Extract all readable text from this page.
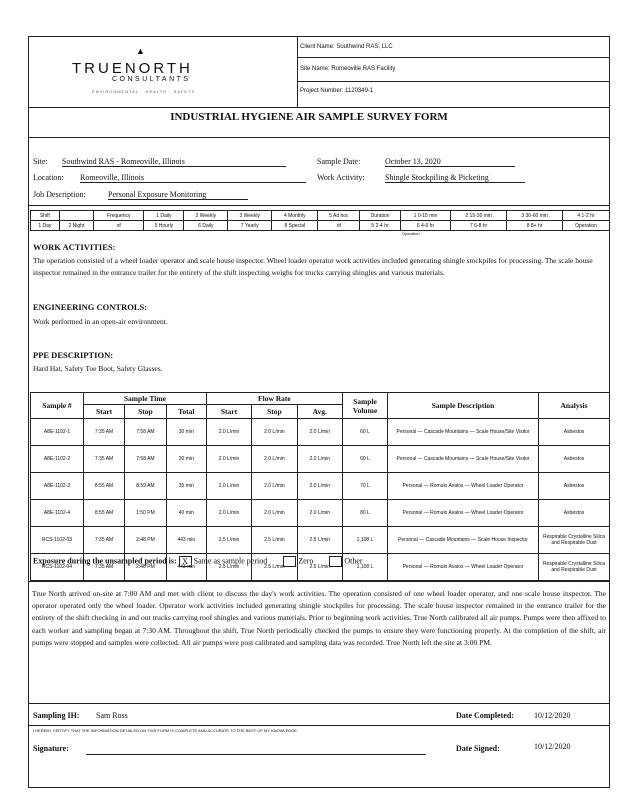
▲
TRUENORTH
CONSULTANTS
ENVIRONMENTAL · HEALTH · SAFETY
Client Name: Southwind RAS, LLC
Site Name: Romeoville RAS Facility
Project Number: 1120349-1
INDUSTRIAL HYGIENE AIR SAMPLE SURVEY FORM
Site: Southwind RAS - Romeoville, Illinois	Sample Date:	October 13, 2020
Location: Romeoville, Illinois	Work Activity:	Shingle Stockpiling & Picketing
Job Description:	Personal Exposure Monitoring
Shift		Frequency	1 Daily	2 Weekly	3 Weekly	4 Monthly	5 Ad hoc	Duration	1 0-15 min	2 15-30 min	3 30-60 min	4 1-2 hr
1 Day	2 Night	of	5 Hourly	6 Daily	7 Yearly	8 Special	of	5 2-4 hr	6 4-6 hr	7 6-8 hr	8 8+ hr	Operation
Operation
WORK ACTIVITIES:
The operation consisted of a wheel loader operator and scale house inspector. Wheel loader operator work activities included generating shingle stockpiles for processing. The scale house inspector remained in the entrance trailer for the entirety of the shift inspecting weighs for trucks carrying shingles and various materials.
ENGINEERING CONTROLS:
Work performed in an open-air environment.
PPE DESCRIPTION:
Hard Hat, Safety Toe Boot, Safety Glasses.
Sample #	Sample Time			Flow Rate			Sample Volume	Sample Description	Analysis
	Start	Stop	Total	Start	Stop	Avg.			
A8E-1102-1	7:35 AM	7:58 AM	30 min	2.0 L/min	2.0 L/min	2.0 L/min	60 L	Personal — Cascade Mountains — Scale House/Site Visitor	Asbestos
A8E-1102-2	7:35 AM	7:58 AM	30 min	2.0 L/min	2.0 L/min	2.0 L/min	60 L	Personal — Cascade Mountains — Scale House/Site Visitor	Asbestos
A8E-1102-3	8:55 AM	8:59 AM	35 min	2.0 L/min	2.0 L/min	2.0 L/min	70 L	Personal — Romulo Avalos — Wheel Loader Operator	Asbestos
A8E-1102-4	8:55 AM	1:50 PM	40 min	2.0 L/min	2.0 L/min	2.0 L/min	80 L	Personal — Romulo Avalos — Wheel Loader Operator	Asbestos
RCS-1102-03	7:35 AM	2:48 PM	443 min	2.5 L/min	2.5 L/min	2.5 L/min	1,108 L	Personal — Cascade Mountains — Scale House Inspector	Respirable Crystalline Silica and Respirable Dust
RCS-1102-04	7:35 AM	2:48 PM	443 min	2.5 L/min	2.5 L/min	2.5 L/min	1,108 L	Personal — Romulo Avalos — Wheel Loader Operator	Respirable Crystalline Silica and Respirable Dust
Exposure during the unsampled period is: X Same as sample period	Zero	Other
True North arrived on-site at 7:00 AM and met with client to discuss the day's work activities. The operation consisted of one wheel loader operator, and one scale house inspector. The operator operated only the wheel loader. Operator work activities included generating shingle stockpiles for processing. The scale house inspector remained in the entrance trailer for the entirety of the shift checking in and out trucks carrying roof shingles and various materials. Prior to beginning work activities, True North calibrated all air pumps. Pumps were then affixed to each worker and sampling began at 7:30 AM. Throughout the shift, True North periodically checked the pumps to ensure they were functioning properly. At the completion of the shift, air pumps were stopped and samples were collected. All air pumps were post calibrated and sampling data was recorded. True North left the site at 3:00 PM.
Sampling IH: Sam Ross	Date Completed:	10/12/2020
I HEREBY CERTIFY THAT THE INFORMATION DETAILED ON THIS FORM IS COMPLETE AND ACCURATE TO THE BEST OF MY KNOWLEDGE.
Signature:	Date Signed:	10/12/2020
